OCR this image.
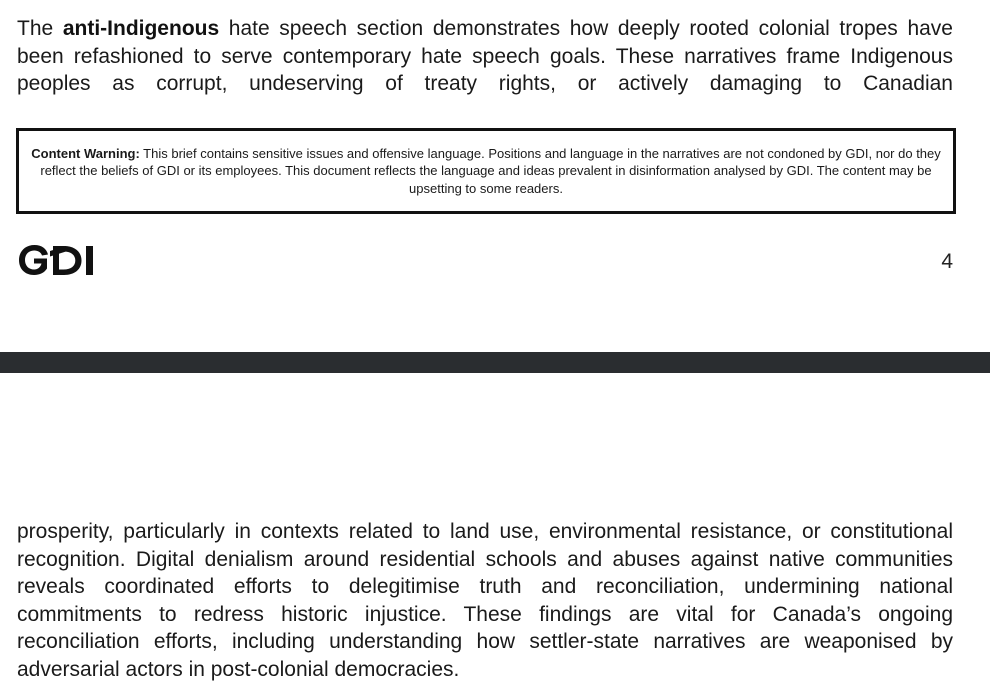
The anti-Indigenous hate speech section demonstrates how deeply rooted colonial tropes have been refashioned to serve contemporary hate speech goals. These narratives frame Indigenous peoples as corrupt, undeserving of treaty rights, or actively damaging to Canadian

Content Warning: This brief contains sensitive issues and offensive language. Positions and language in the narratives are not condoned by GDI, nor do they reflect the beliefs of GDI or its employees. This document reflects the language and ideas prevalent in disinformation analysed by GDI. The content may be upsetting to some readers.
4

prosperity, particularly in contexts related to land use, environmental resistance, or constitutional recognition. Digital denialism around residential schools and abuses against native communities reveals coordinated efforts to delegitimise truth and reconciliation, undermining national commitments to redress historic injustice. These findings are vital for Canada’s ongoing reconciliation efforts, including understanding how settler-state narratives are weaponised by adversarial actors in post-colonial democracies.
